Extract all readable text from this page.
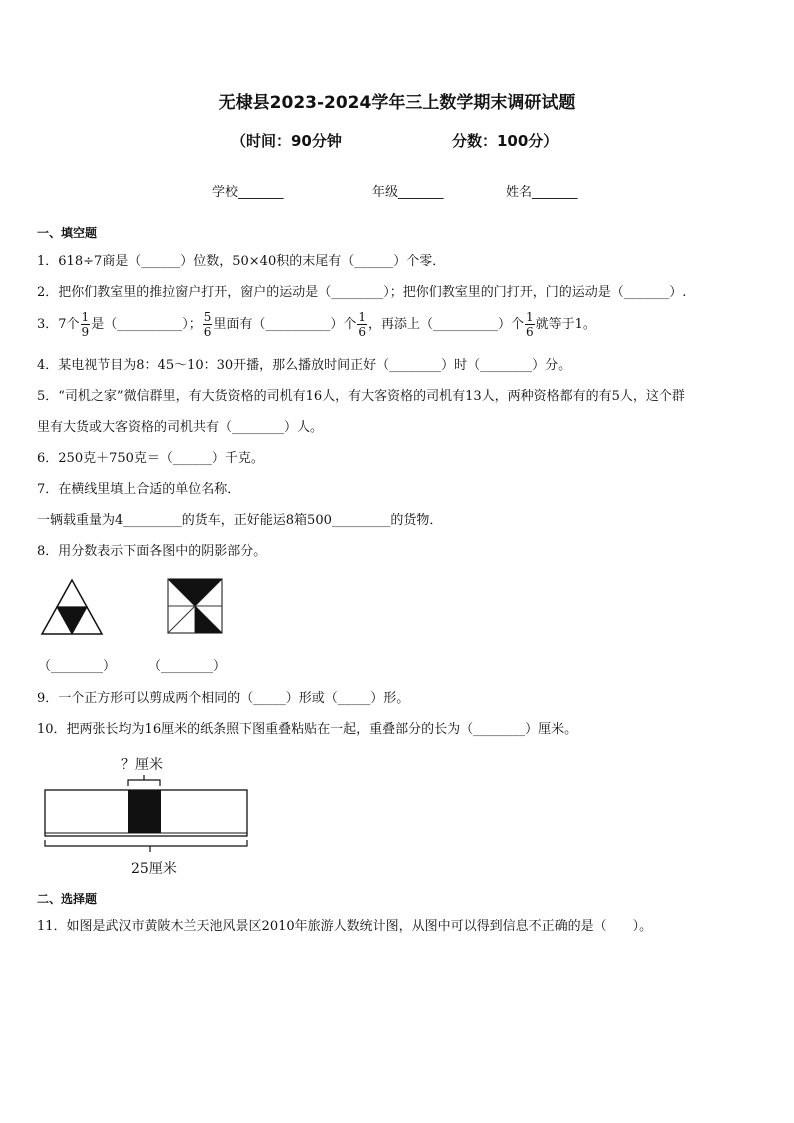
无棣县2023-2024学年三上数学期末调研试题
（时间：90分钟	分数：100分）
学校_______	年级_______	姓名_______
一、填空题
1．618÷7商是（______）位数，50×40积的末尾有（______）个零．
2．把你们教室里的推拉窗户打开，窗户的运动是（________）；把你们教室里的门打开，门的运动是（_______）.
3．7个 $\frac{1}{9}$ 是（__________）； $\frac{5}{6}$ 里面有（__________）个 $\frac{1}{6}$ ，再添上（__________）个 $\frac{1}{6}$ 就等于1。
4．某电视节目为8：45～10：30开播，那么播放时间正好（________）时（________）分。
5．“司机之家”微信群里，有大货资格的司机有16人，有大客资格的司机有13人，两种资格都有的有5人，这个群
里有大货或大客资格的司机共有（________）人。
6．250克＋750克＝（______）千克。
7．在横线里填上合适的单位名称．
一辆载重量为4_________的货车，正好能运8箱500_________的货物．
8．用分数表示下面各图中的阴影部分。
（________） （________）
9．一个正方形可以剪成两个相同的（_____）形或（_____）形。
10．把两张长均为16厘米的纸条照下图重叠粘贴在一起，重叠部分的长为（________）厘米。
？厘米
25厘米
二、选择题
11．如图是武汉市黄陂木兰天池风景区2010年旅游人数统计图，从图中可以得到信息不正确的是（　　）。
